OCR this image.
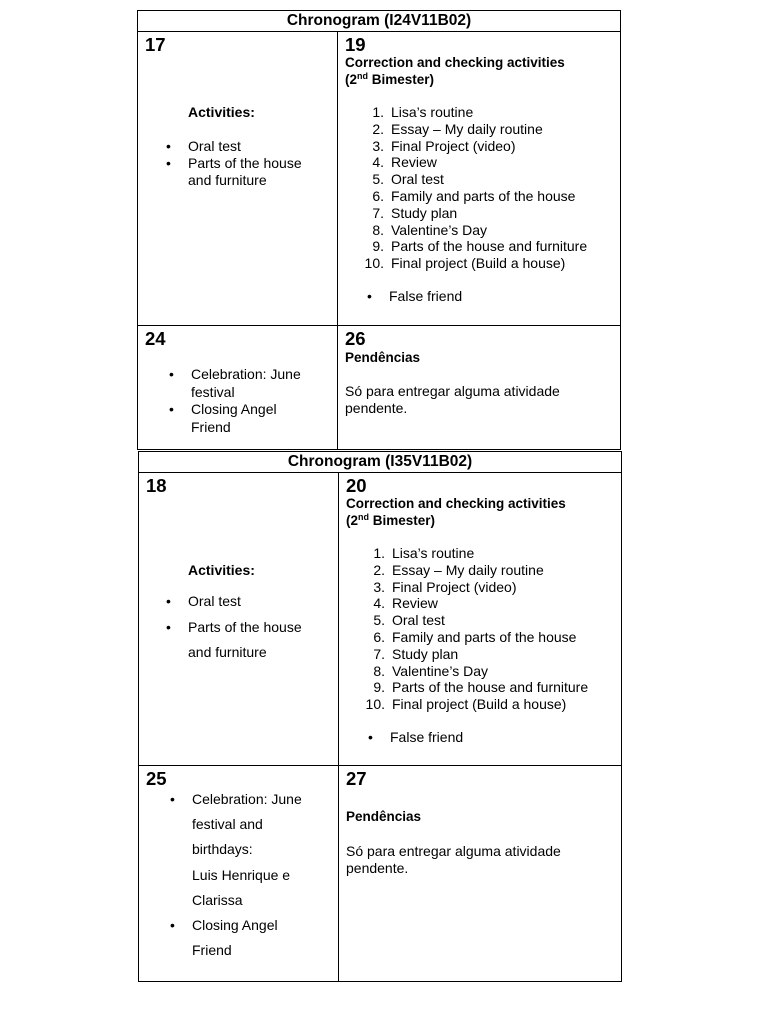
Chronogram (I24V11B02)
17
Activities:
• Oral test
• Parts of the house
and furniture
19
Correction and checking activities
(2nd Bimester)
1. Lisa’s routine
2. Essay – My daily routine
3. Final Project (video)
4. Review
5. Oral test
6. Family and parts of the house
7. Study plan
8. Valentine’s Day
9. Parts of the house and furniture
10. Final project (Build a house)
• False friend
24
• Celebration: June
festival
• Closing Angel
Friend
26
Pendências
Só para entregar alguma atividade
pendente.
Chronogram (I35V11B02)
18
Activities:
• Oral test
• Parts of the house
and furniture
20
Correction and checking activities
(2nd Bimester)
1. Lisa’s routine
2. Essay – My daily routine
3. Final Project (video)
4. Review
5. Oral test
6. Family and parts of the house
7. Study plan
8. Valentine’s Day
9. Parts of the house and furniture
10. Final project (Build a house)
• False friend
25
• Celebration: June
festival and
birthdays:
Luis Henrique e
Clarissa
• Closing Angel
Friend
27
Pendências
Só para entregar alguma atividade
pendente.
